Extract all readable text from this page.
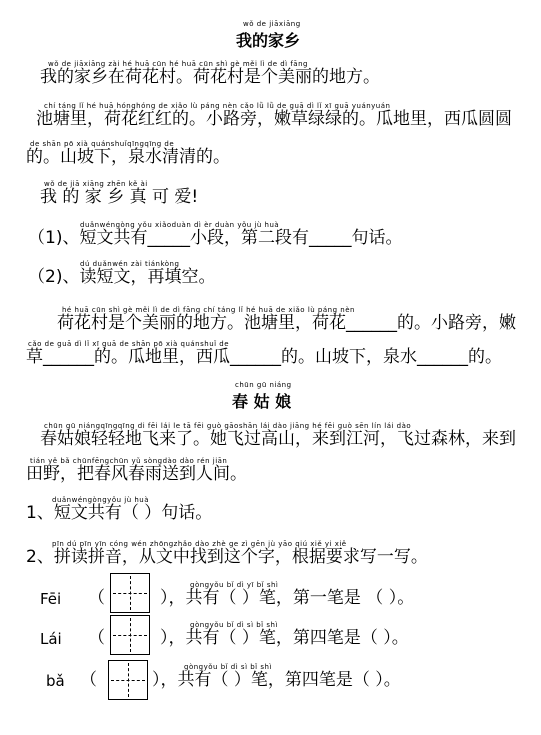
wǒ de jiāxiāng
我的家乡
wǒ de jiāxiāng zài hé huā cūn hé huā cūn shì gè měi lì de dì fāng
我的家乡在荷花村。荷花村是个美丽的地方。
chí táng lǐ hé huā hónghóng de xiǎo lù páng nèn cǎo lǜ lǜ de guā dì lǐ xī guā yuányuán
池塘里，荷花红红的。小路旁，嫩草绿绿的。瓜地里，西瓜圆圆
de shān pō xià quánshuǐqīngqīng de
的。山坡下，泉水清清的。
wǒ de jiā xiāng zhēn kě ài
我 的 家 乡 真 可 爱!
duǎnwéngòng yǒu xiǎoduàn dì èr duàn yǒu jù huà
（1)、短文共有_____小段，第二段有_____句话。
dú duǎnwén zài tiánkòng
（2)、读短文，再填空。
hé huā cūn shì gè měi lì de dì fāng chí táng lǐ hé huā de xiǎo lù páng nèn
荷花村是个美丽的地方。池塘里，荷花______的。小路旁，嫩
cǎo de guā dì lǐ xī guā de shān pō xià quánshuǐ de
草______的。瓜地里，西瓜______的。山坡下，泉水______的。
chūn gū niáng
春 姑 娘
chūn gū niángqīngqīng di fēi lái le tā fēi guò gāoshān lái dào jiāng hé fēi guò sēn lín lái dào
春姑娘轻轻地飞来了。她飞过高山，来到江河，飞过森林，来到
tián yě bǎ chūnfēngchūn yǔ sòngdào dào rén jiān
田野，把春风春雨送到人间。
duǎnwéngòngyǒu jù huà
1、短文共有（ ）句话。
pīn dú pīn yīn cóng wén zhōngzhǎo dào zhè ge zì gēn jù yāo qiú xiě yi xiě
2、拼读拼音，从文中找到这个字，根据要求写一写。
Fēi （
gòngyǒu bǐ dì yī bǐ shì
），共有（ ）笔，第一笔是 （ ）。
Lái （
gòngyǒu bǐ dì sì bǐ shì
），共有（ ）笔，第四笔是（ ）。
bǎ （
gòngyǒu bǐ dì sì bǐ shì
），共有（ ）笔，第四笔是（ ）。
